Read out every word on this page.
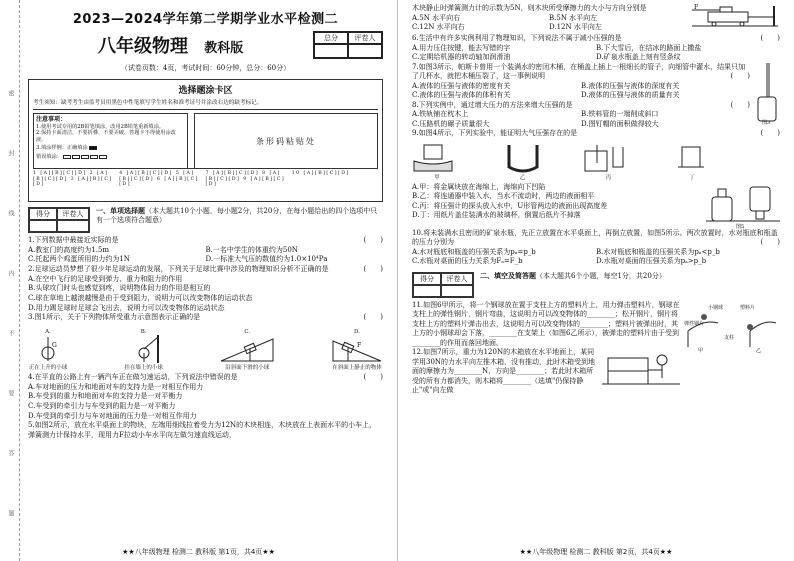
密
封
线
内
不
要
答
题
2023—2024学年第二学期学业水平检测二
八年级物理 教科版
总分	评卷人
（试卷页数：4页，考试时间：60分钟，总分：60分）
选择题涂卡区
考生须知：缺考考生由监考员用黑色中性笔填写学生姓名和准考证号并涂改右边的缺考标记。
注意事项：
1.使用考试专用的2B铅笔填涂，改用2B铅笔重新填涂。
2.保持卡面清洁，不要折叠、不要弄破，答题卡不得使用涂改液。
3.填涂样例：正确填涂
错误填涂：
条形码粘贴处
1 [A][B][C][D] 2 [A][B][C][D] 3 [A][B][C][D]
4 [A][B][C][D] 5 [A][B][C][D] 6 [A][B][C][D]
7 [A][B][C][D] 8 [A][B][C][D] 9 [A][B][C][D]
10 [A][B][C][D]
得分	评卷人	一、单项选择题（本大题共10个小题，每小题2分，共20分，在每小题给出的四个选项中只有一个选项符合题意）
1.下列数据中最接近实际的是	(　　)
A.教室门的高度约为1.5m	B.一名中学生的体重约为50N
C.托起两个鸡蛋所用的力约为1N	D.一标准大气压的数值约为1.0×10⁴Pa
2.足球运动员梦想了很少年足球运动的发展，下列关于足球比赛中涉及的物理知识分析不正确的是	(　　)
A.在空中飞行的足球受到弹力、重力和阻力的作用
B.头球攻门时头也感觉到疼，说明物体间力的作用是相互的
C.球在草地上越滚越慢是由于受到阻力，说明力可以改变物体的运动状态
D.用力踢足球时足球会飞出去，说明力可以改变物体的运动状态
3.图1所示，关于下列物体所受重力示意图表示正确的是	(　　)
A.
G
正在上升的小球
B.
挂在墙上的小球
C.
沿斜面下滑的小球
D.
F
在斜面上静止的物体
4.在平直的公路上有一辆汽车正在做匀速运动，下列说法中错误的是	(　　)
A.车对地面的压力和地面对车的支持力是一对相互作用力
B.车受到的重力和地面对车的支持力是一对平衡力
C.车受到的牵引力与车受到的阻力是一对平衡力
D.车受到的牵引力与车对地面的压力是一对相互作用力
5.如图2所示，放在水平桌面上的物块，左端用细线拉着受力为12N的木块相连，木块放在上表面水平的小车上，弹簧测力计保持水平，现用力F拉动小车水平向左做匀速直线运动，
★★八年级物理 检测二 教科版 第1页，共4页★★
F
木块静止时弹簧测力计的示数为5N，则木块所受摩擦力的大小与方向分别是
A.5N 水平向右	B.5N 水平向左
C.12N 水平向右	D.12N 水平向左
6.生活中有许多实例利用了物理知识，下列说法不属于减小压强的是	(　　)
A.用力压住按键，能去写错的字	B.下大雪后，在结冰的路面上撒盐
C.定期给机器的转动轴加润滑油	D.矿泉水瓶盖上刻有竖条纹
图3
7.如图3所示，帕斯卡曾用一个装满水的密闭木桶，在桶盖上插上一根细长的管子，向细管中灌水，结果只加了几杯水，就把木桶压裂了，这一事例说明	(　　)
A.液体的压强与液体的密度有关	B.液体的压强与液体的深度有关
C.液体的压强与液体的体积有关	D.液体的压强与液体的质量有关
8.下列实例中，通过增大压力的方法来增大压强的是	(　　)
A.铁轨铺在枕木上	B.铁料管的一端削成斜口
C.压路机的碾子质量很大	D.图钉帽的面积做得较大
9.如图4所示，下列实验中，能证明大气压强存在的是	(　　)
甲	乙	丙	丁
图5
A.甲：将金属块放在海绵上，海绵向下凹陷
B.乙：将连通器中装入水，当水不流动时，两边的液面相平
C.丙：将压强计的探头放入水中，U形管两边的液面出现高度差
D.丁：用纸片盖住装满水的玻璃杯，倒置后纸片不掉落
10.将未装满水且密闭的矿泉水瓶，先正立放置在水平桌面上，再倒立放置，如图5所示。两次放置时，水对瓶底和瓶盖的压力分别为	(　　)
A.水对瓶底和瓶盖的压强关系为pₐ=p_b	B.水对瓶底和瓶盖的压强关系为pₐ<p_b
C.水瓶对桌面的压力关系为Fₐ=F_b	D.水瓶对桌面的压强关系为pₐ>p_b
得分	评卷人	二、填空及简答题（本大题共6个小题，每空1分，共20分）
小钢球	塑料片
弹性钢片
支柱
甲	乙
11.如图6甲所示，将一个钢球放在置于支柱上方的塑料片上，用力弹击塑料片，钢球在支柱上的弹性钢片，钢片弯曲，这说明力可以改变物体的________；松开钢片，钢片将支柱上方的塑料片弹击出去，这说明力可以改变物体的________；塑料片被弹出时，其上方的小钢球却会下落，________在支架上（如图6乙所示），被弹走的塑料片由于受到________的作用而落回地面。
12.如图7所示，重力为120N的木箱放在水平地面上，某同学用30N的力水平向左推木箱，没有推动，此时木箱受到地面的摩擦力为________N，方向是________；若此时木箱所受的所有力都消失，则木箱将________（选填"仍保持静止"或"向左做
★★八年级物理 检测二 教科版 第2页，共4页★★
